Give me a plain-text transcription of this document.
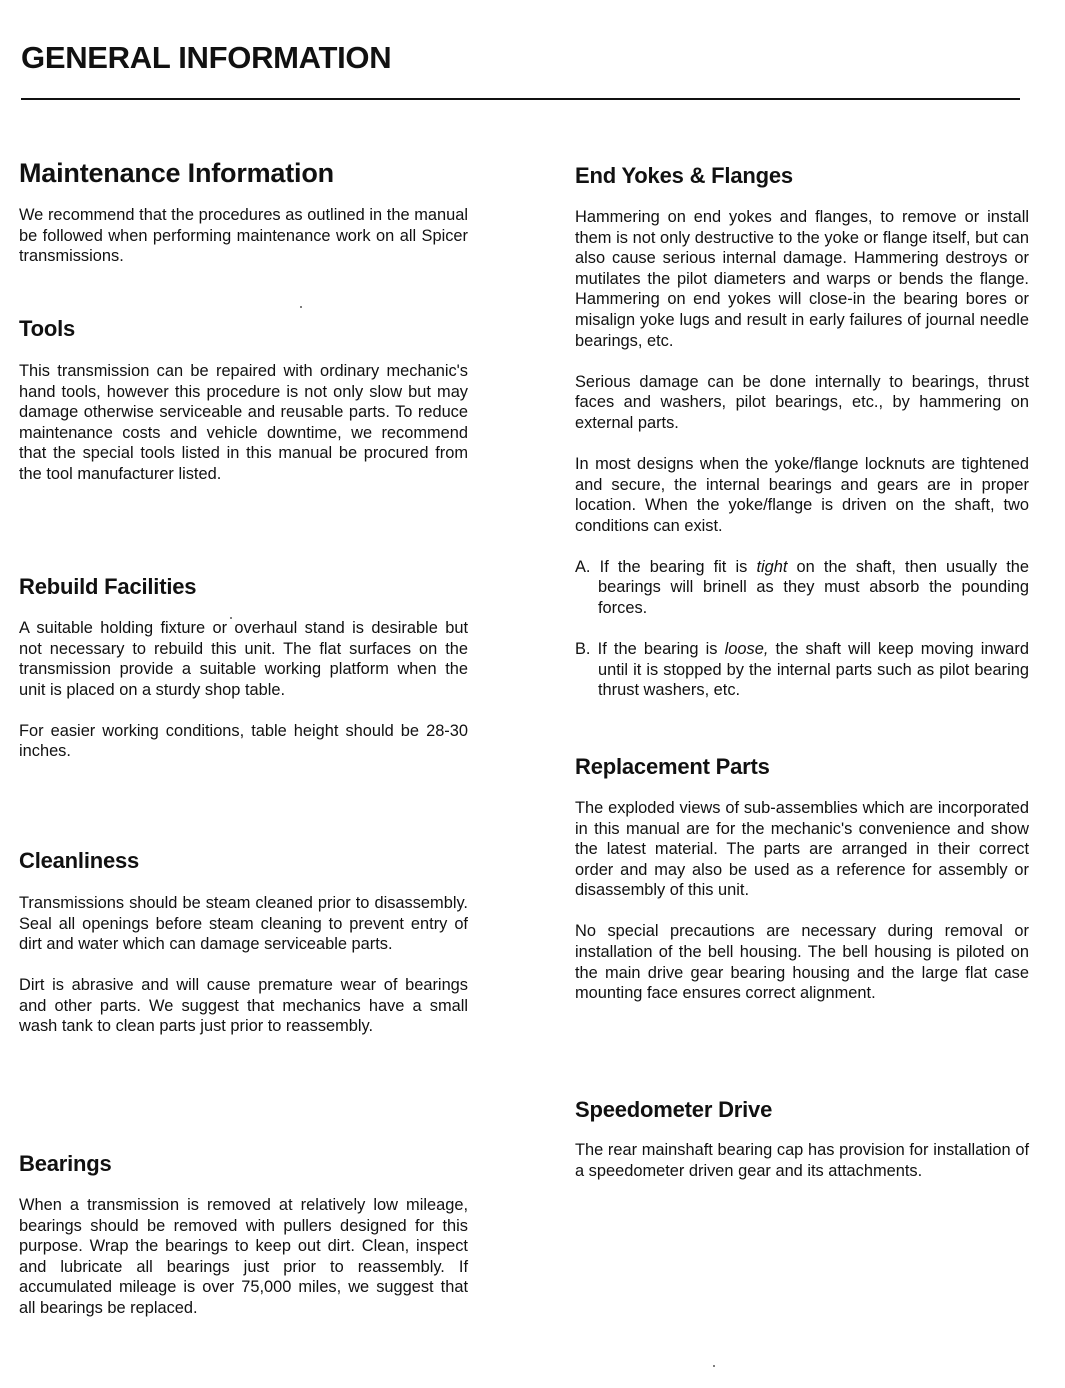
GENERAL INFORMATION
Maintenance Information

We recommend that the procedures as outlined in the manual be followed when performing maintenance work on all Spicer transmissions.

Tools

This transmission can be repaired with ordinary mechanic's hand tools, however this procedure is not only slow but may damage otherwise serviceable and reusable parts. To reduce maintenance costs and vehicle downtime, we recommend that the special tools listed in this manual be procured from the tool manufacturer listed.

Rebuild Facilities

A suitable holding fixture or overhaul stand is desirable but not necessary to rebuild this unit. The flat surfaces on the transmission provide a suitable working platform when the unit is placed on a sturdy shop table.

For easier working conditions, table height should be 28-30 inches.

Cleanliness

Transmissions should be steam cleaned prior to disassembly. Seal all openings before steam cleaning to prevent entry of dirt and water which can damage serviceable parts.

Dirt is abrasive and will cause premature wear of bearings and other parts. We suggest that mechanics have a small wash tank to clean parts just prior to reassembly.

Bearings

When a transmission is removed at relatively low mileage, bearings should be removed with pullers designed for this purpose. Wrap the bearings to keep out dirt. Clean, inspect and lubricate all bearings just prior to reassembly. If accumulated mileage is over 75,000 miles, we suggest that all bearings be replaced.

End Yokes & Flanges

Hammering on end yokes and flanges, to remove or install them is not only destructive to the yoke or flange itself, but can also cause serious internal damage. Hammering destroys or mutilates the pilot diameters and warps or bends the flange. Hammering on end yokes will close-in the bearing bores or misalign yoke lugs and result in early failures of journal needle bearings, etc.

Serious damage can be done internally to bearings, thrust faces and washers, pilot bearings, etc., by hammering on external parts.

In most designs when the yoke/flange locknuts are tightened and secure, the internal bearings and gears are in proper location. When the yoke/flange is driven on the shaft, two conditions can exist.

A. If the bearing fit is tight on the shaft, then usually the bearings will brinell as they must absorb the pounding forces.

B. If the bearing is loose, the shaft will keep moving inward until it is stopped by the internal parts such as pilot bearing thrust washers, etc.

Replacement Parts

The exploded views of sub-assemblies which are incorporated in this manual are for the mechanic's convenience and show the latest material. The parts are arranged in their correct order and may also be used as a reference for assembly or disassembly of this unit.

No special precautions are necessary during removal or installation of the bell housing. The bell housing is piloted on the main drive gear bearing housing and the large flat case mounting face ensures correct alignment.

Speedometer Drive

The rear mainshaft bearing cap has provision for installation of a speedometer driven gear and its attachments.
